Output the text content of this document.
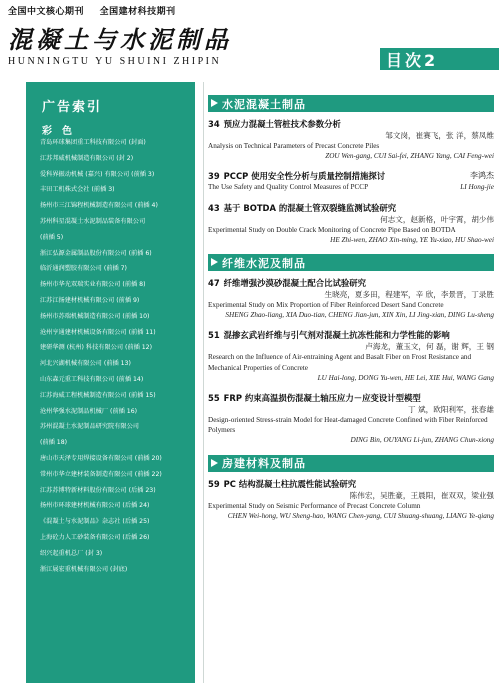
全国中文核心期刊 全国建材科技期刊
混凝土与水泥制品
HUNNINGTU YU SHUINI ZHIPIN	目次2
广告索引
彩色
青岛环球集团重工科技有限公司 (封面)
江苏邦威机械制造有限公司 (封 2)
爱科界振动机械 (嘉兴) 有限公司 (前插 3)
丰田工机株式会社 (前插 3)
扬州市三江锦程机械制造有限公司 (前插 4)
苏州科星混凝土水泥制品装备有限公司
(前插 5)
浙江弘源金属制品股份有限公司 (前插 6)
临沂通润塑胶有限公司 (前插 7)
扬州市华光双瑞实业有限公司 (前插 8)
江苏江扬建材机械有限公司 (前插 9)
扬州市苏瑞机械制造有限公司 (前插 10)
沧州亨通建材机械设备有限公司 (前插 11)
建研华测 (杭州) 科技有限公司 (前插 12)
河北兴湖机械有限公司 (前插 13)
山东森元重工科技有限公司 (前插 14)
江苏海威工程机械制造有限公司 (前插 15)
沧州华强水泥制品机械厂 (前插 16)
苏州混凝土水泥制品研究院有限公司
(前插 18)
唐山市天泽专用焊接设备有限公司 (前插 20)
常州市华立建材装备制造有限公司 (前插 22)
江苏苏博特新材料股份有限公司 (后插 23)
扬州市环球建材机械有限公司 (后插 24)
《混凝土与水泥制品》杂志社 (后插 25)
上海砼力人工砂装备有限公司 (后插 26)
绍兴起重机总厂 (封 3)
浙江展宏重机械有限公司 (封底)
水泥混凝土制品
34 预应力混凝土管桩技术参数分析
邹文岗，崔赛飞，张 洋，蔡凤维
Analysis on Technical Parameters of Precast Concrete Piles
ZOU Wen-gang, CUI Sai-fei, ZHANG Yang, CAI Feng-wei
39 PCCP 使用安全性分析与质量控制措施探讨	李鸿杰
The Use Safety and Quality Control Measures of PCCP	LI Hong-jie
43 基于 BOTDA 的混凝土管双裂缝监测试验研究
何志文，赵新格，叶宇霄，胡少伟
Experimental Study on Double Crack Monitoring of Concrete Pipe Based on BOTDA
HE Zhi-wen, ZHAO Xin-ming, YE Yu-xiao, HU Shao-wei
纤维水泥及制品
47 纤维增强沙漠砂混凝土配合比试验研究
生晓亮，夏多田，程建军，辛 欣，李景晋，丁录胜
Experimental Study on Mix Proportion of Fiber Reinforced Desert Sand Concrete
SHENG Zhao-liang, XIA Duo-tian, CHENG Jian-jun, XIN Xin, LI Jing-xian, DING Lu-sheng
51 混掺玄武岩纤维与引气剂对混凝土抗冻性能和力学性能的影响
卢海龙，董玉文，何 磊，谢 辉，王 钢
Research on the Influence of Air-entraining Agent and Basalt Fiber on Frost Resistance and Mechanical Properties of Concrete
LU Hai-long, DONG Yu-wen, HE Lei, XIE Hui, WANG Gang
55 FRP 约束高温损伤混凝土轴压应力－应变设计型模型
丁 斌，欧阳利军，张春雄
Design-oriented Stress-strain Model for Heat-damaged Concrete Confined with Fiber Reinforced Polymers
DING Bin, OUYANG Li-jun, ZHANG Chun-xiong
房建材料及制品
59 PC 结构混凝土柱抗震性能试验研究
陈伟宏，吴胜豪，王晨阳，崔双双，梁业强
Experimental Study on Seismic Performance of Precast Concrete Column
CHEN Wei-hong, WU Sheng-hao, WANG Chen-yang, CUI Shuang-shuang, LIANG Ye-qiang
